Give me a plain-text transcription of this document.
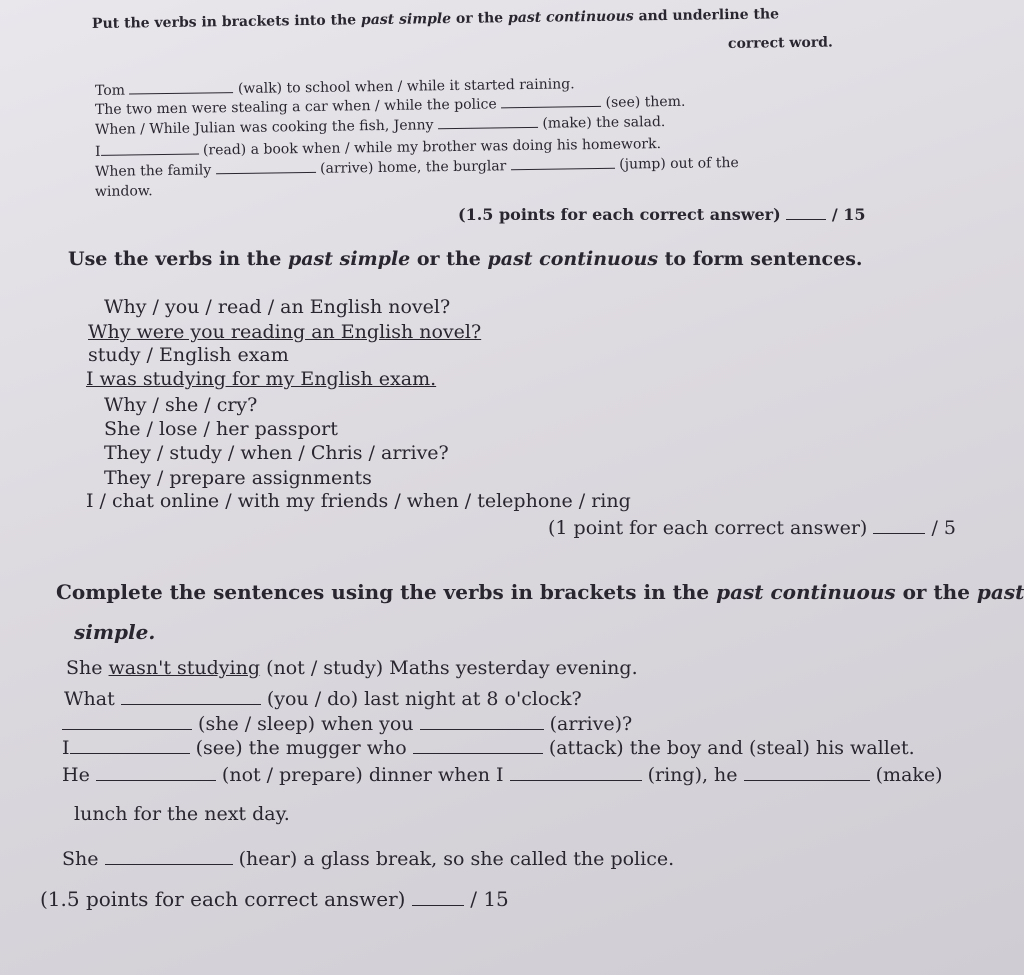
Put the verbs in brackets into the past simple or the past continuous and underline the
correct word.
Tom	(walk) to school when / while it started raining.
The two men were stealing a car when / while the police	(see) them.
When / While Julian was cooking the fish, Jenny	(make) the salad.
I	(read) a book when / while my brother was doing his homework.
When the family	(arrive) home, the burglar	(jump) out of the
window.
(1.5 points for each correct answer)	/ 15
Use the verbs in the past simple or the past continuous to form sentences.
Why / you / read / an English novel?
Why were you reading an English novel?
study / English exam
I was studying for my English exam.
Why / she / cry?
She / lose / her passport
They / study / when / Chris / arrive?
They / prepare assignments
I / chat online / with my friends / when / telephone / ring
(1 point for each correct answer)	/ 5
Complete the sentences using the verbs in brackets in the past continuous or the past
simple.
She wasn't studying (not / study) Maths yesterday evening.
What	(you / do) last night at 8 o'clock?
(she / sleep) when you	(arrive)?
I	(see) the mugger who	(attack) the boy and (steal) his wallet.
He	(not / prepare) dinner when I	(ring), he	(make)
lunch for the next day.
She	(hear) a glass break, so she called the police.
(1.5 points for each correct answer)	/ 15
